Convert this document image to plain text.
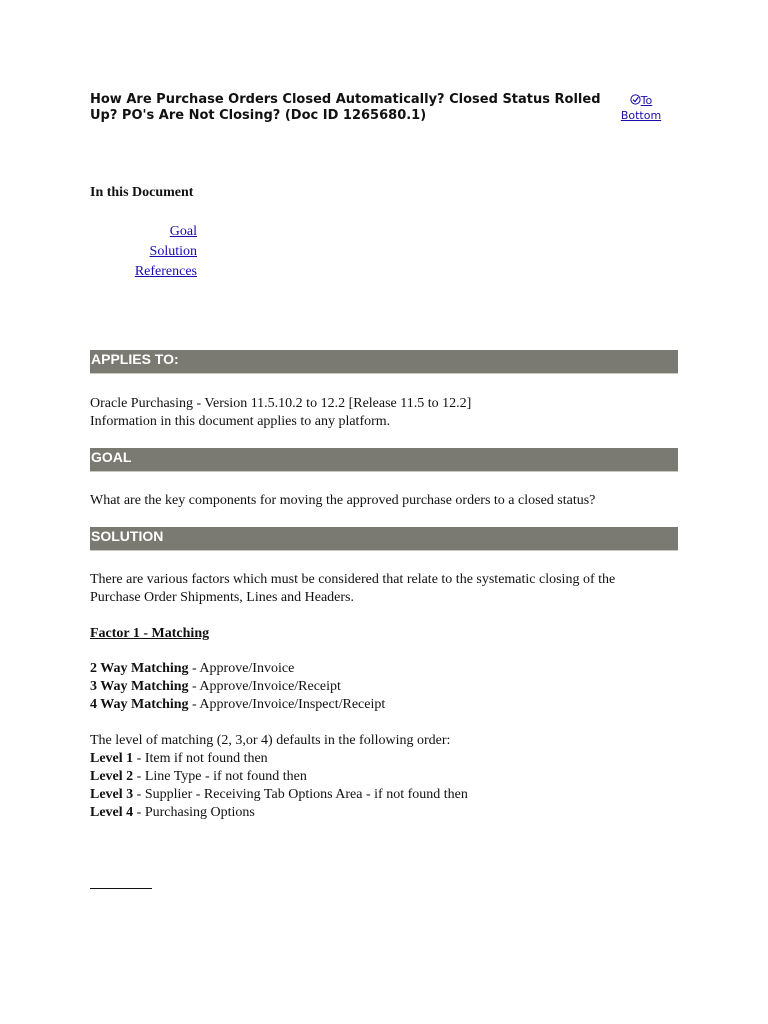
How Are Purchase Orders Closed Automatically? Closed Status Rolled Up? PO's Are Not Closing? (Doc ID 1265680.1)
To
Bottom
In this Document
Goal
Solution
References
APPLIES TO:

Oracle Purchasing - Version 11.5.10.2 to 12.2 [Release 11.5 to 12.2]
Information in this document applies to any platform.

GOAL

What are the key components for moving the approved purchase orders to a closed status?

SOLUTION

There are various factors which must be considered that relate to the systematic closing of the
Purchase Order Shipments, Lines and Headers.

Factor 1 - Matching

2 Way Matching - Approve/Invoice
3 Way Matching - Approve/Invoice/Receipt
4 Way Matching - Approve/Invoice/Inspect/Receipt

The level of matching (2, 3,or 4) defaults in the following order:
Level 1 - Item if not found then
Level 2 - Line Type - if not found then
Level 3 - Supplier - Receiving Tab Options Area - if not found then
Level 4 - Purchasing Options
